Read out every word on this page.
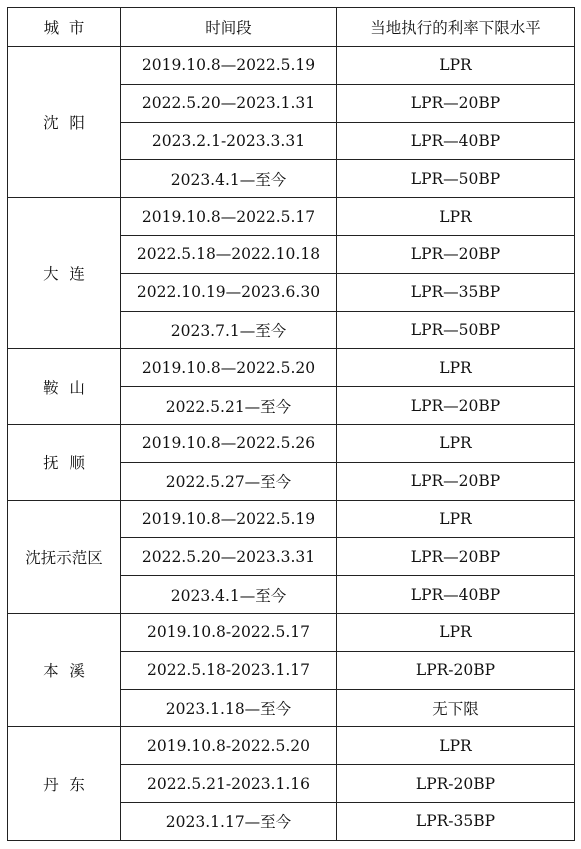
城  市	时间段	当地执行的利率下限水平
沈阳	2019.10.8—2022.5.19	LPR
	2022.5.20—2023.1.31	LPR—20BP
	2023.2.1-2023.3.31	LPR—40BP
	2023.4.1—至今	LPR—50BP
大连	2019.10.8—2022.5.17	LPR
	2022.5.18—2022.10.18	LPR—20BP
	2022.10.19—2023.6.30	LPR—35BP
	2023.7.1—至今	LPR—50BP
鞍山	2019.10.8—2022.5.20	LPR
	2022.5.21—至今	LPR—20BP
抚顺	2019.10.8—2022.5.26	LPR
	2022.5.27—至今	LPR—20BP
沈抚示范区	2019.10.8—2022.5.19	LPR
	2022.5.20—2023.3.31	LPR—20BP
	2023.4.1—至今	LPR—40BP
本溪	2019.10.8-2022.5.17	LPR
	2022.5.18-2023.1.17	LPR-20BP
	2023.1.18—至今	无下限
丹东	2019.10.8-2022.5.20	LPR
	2022.5.21-2023.1.16	LPR-20BP
	2023.1.17—至今	LPR-35BP
